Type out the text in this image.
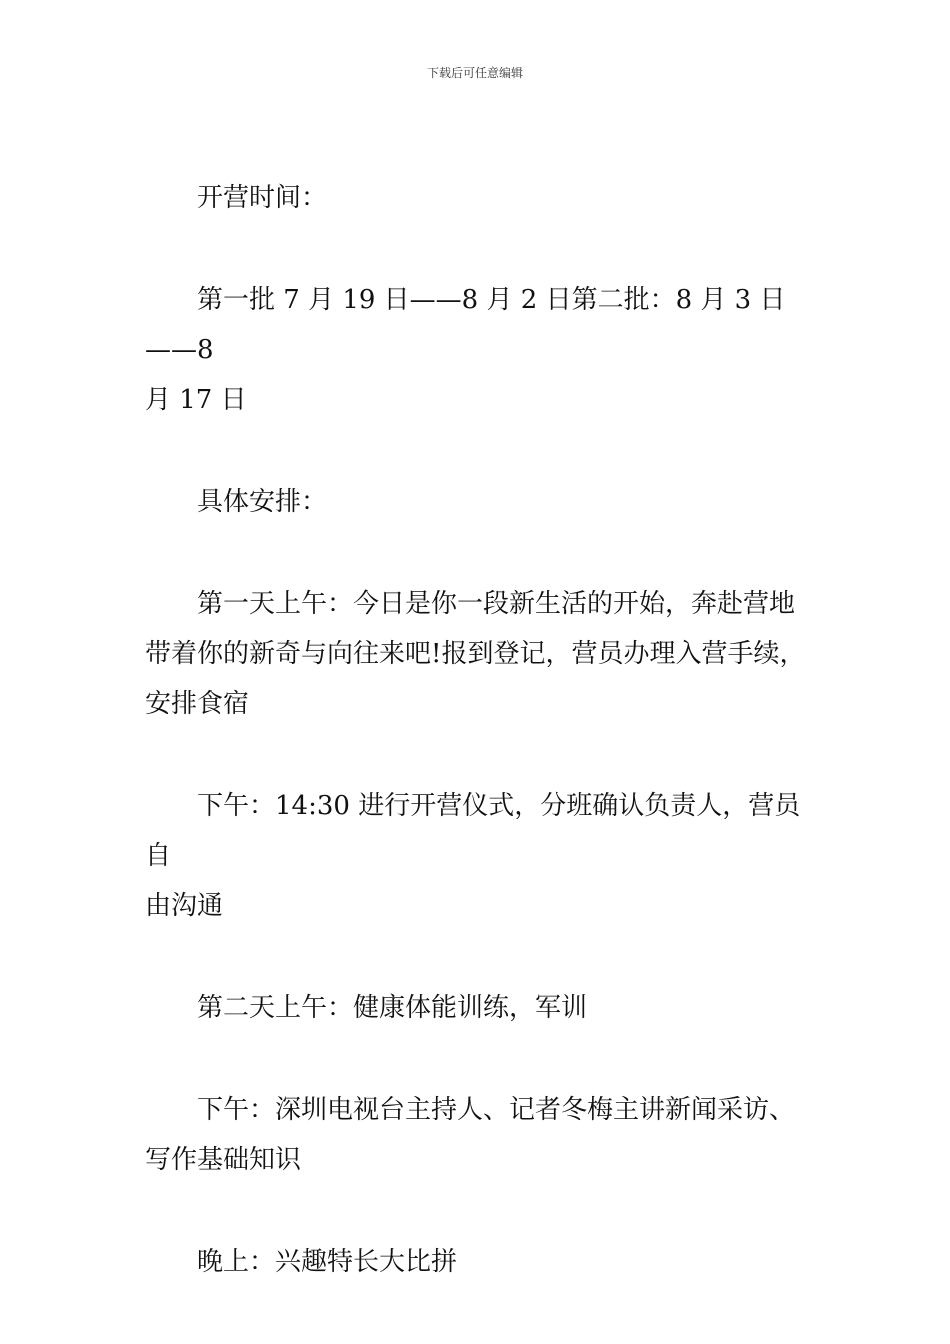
下载后可任意编辑

开营时间：

第一批 7 月 19 日——8 月 2 日第二批：8 月 3 日——8
月 17 日

具体安排：

第一天上午：今日是你一段新生活的开始，奔赴营地
带着你的新奇与向往来吧!报到登记，营员办理入营手续，
安排食宿

下午：14:30 进行开营仪式，分班确认负责人，营员自
由沟通

第二天上午：健康体能训练，军训

下午：深圳电视台主持人、记者冬梅主讲新闻采访、
写作基础知识

晚上：兴趣特长大比拼
